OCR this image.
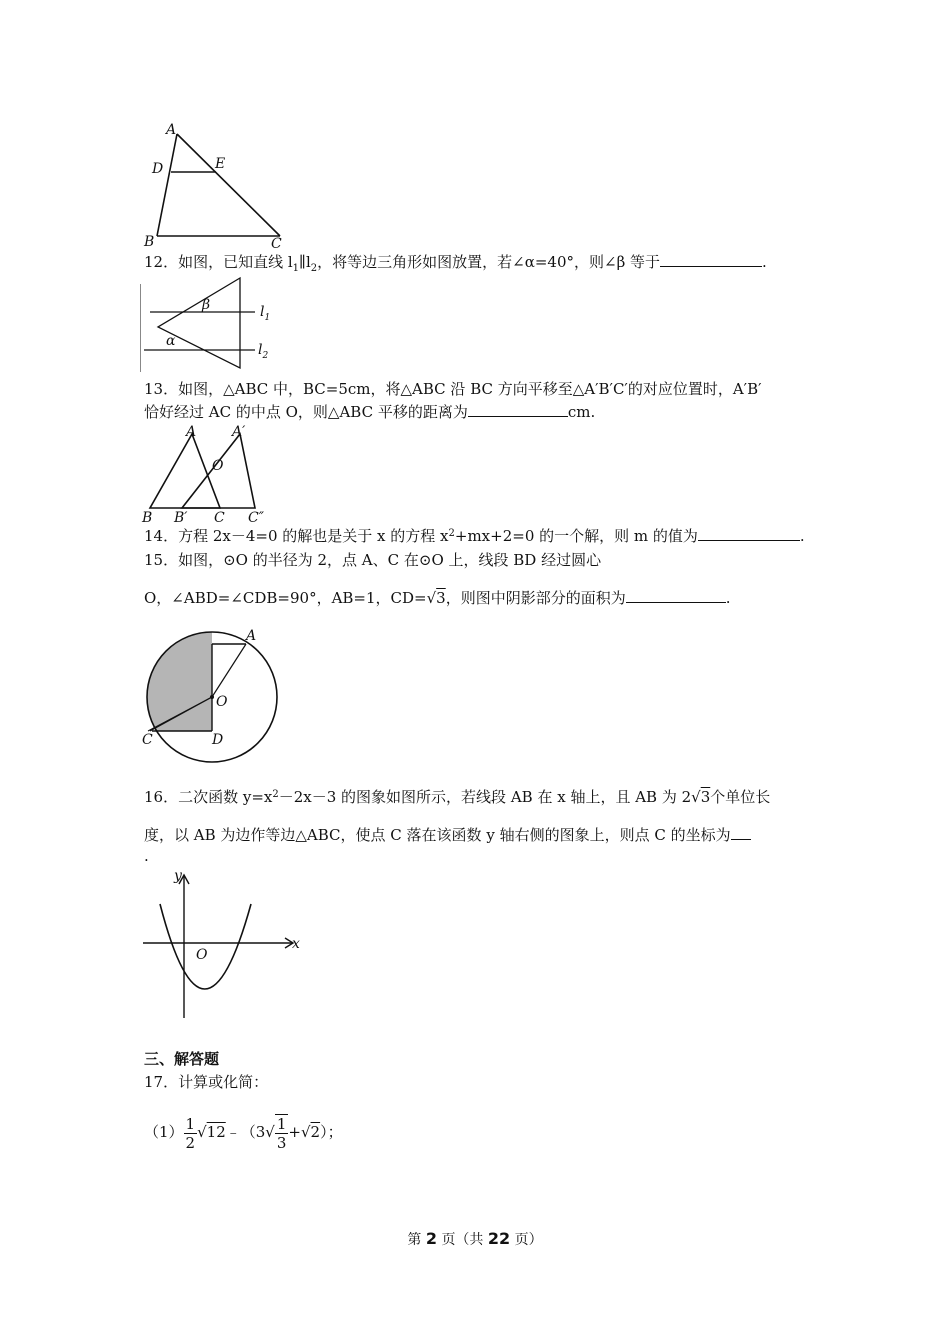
A
D	E
B	C
12．如图，已知直线 $l_1\parallel l_2$，将等边三角形如图放置，若∠α=40°，则∠β 等于	.
β
α
$l_1$
$l_2$
13．如图，△ABC 中，BC=5cm，将△ABC 沿 BC 方向平移至△A′B′C′的对应位置时，A′B′
恰好经过 AC 的中点 O，则△ABC 平移的距离为	cm.
A	A′
O
B B′ C C″
14．方程 2x－4=0 的解也是关于 x 的方程 $x^2+mx+2=0$ 的一个解，则 m 的值为	.
15．如图，⊙O 的半径为 2，点 A、C 在⊙O 上，线段 BD 经过圆心
O，∠ABD=∠CDB=90°，AB=1，CD=√3，则图中阴影部分的面积为	.
A
O
C	D
16．二次函数 $y=x^2-2x-3$ 的图象如图所示，若线段 AB 在 x 轴上，且 AB 为 2√3个单位长
度，以 AB 为边作等边△ABC，使点 C 落在该函数 y 轴右侧的图象上，则点 C 的坐标为
.
y
x
O
三、解答题
17．计算或化简：
$(1) \frac{1}{2}$ √12﹣（3√ $\frac{1}{3} +√2$）；
第 2 页（共 22 页）
